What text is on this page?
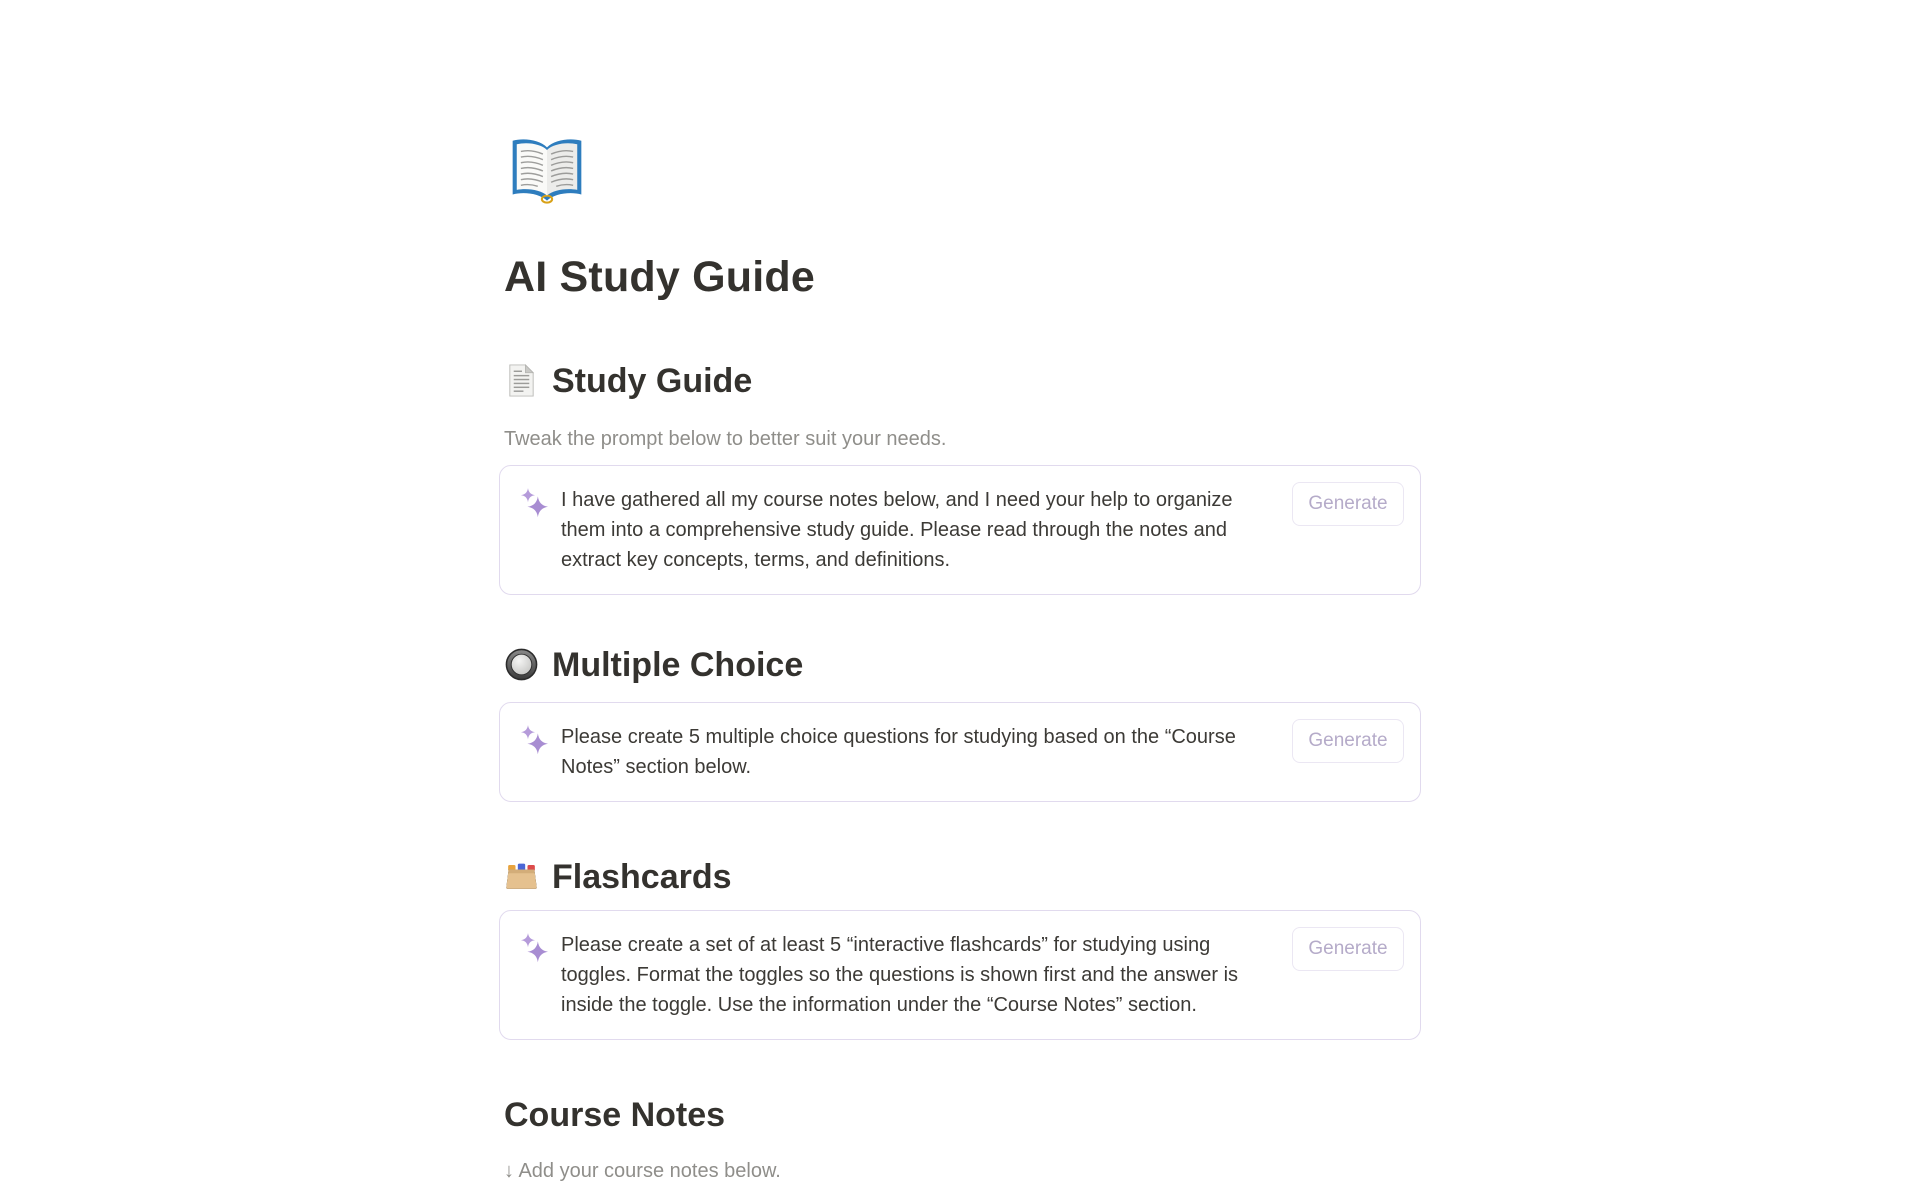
AI Study Guide
Study Guide
Tweak the prompt below to better suit your needs.
I have gathered all my course notes below, and I need your help to organize them into a comprehensive study guide. Please read through the notes and extract key concepts, terms, and definitions.
Generate
Multiple Choice
Please create 5 multiple choice questions for studying based on the “Course Notes” section below.
Generate
Flashcards
Please create a set of at least 5 “interactive flashcards” for studying using toggles. Format the toggles so the questions is shown first and the answer is inside the toggle. Use the information under the “Course Notes” section.
Generate
Course Notes
↓ Add your course notes below.
